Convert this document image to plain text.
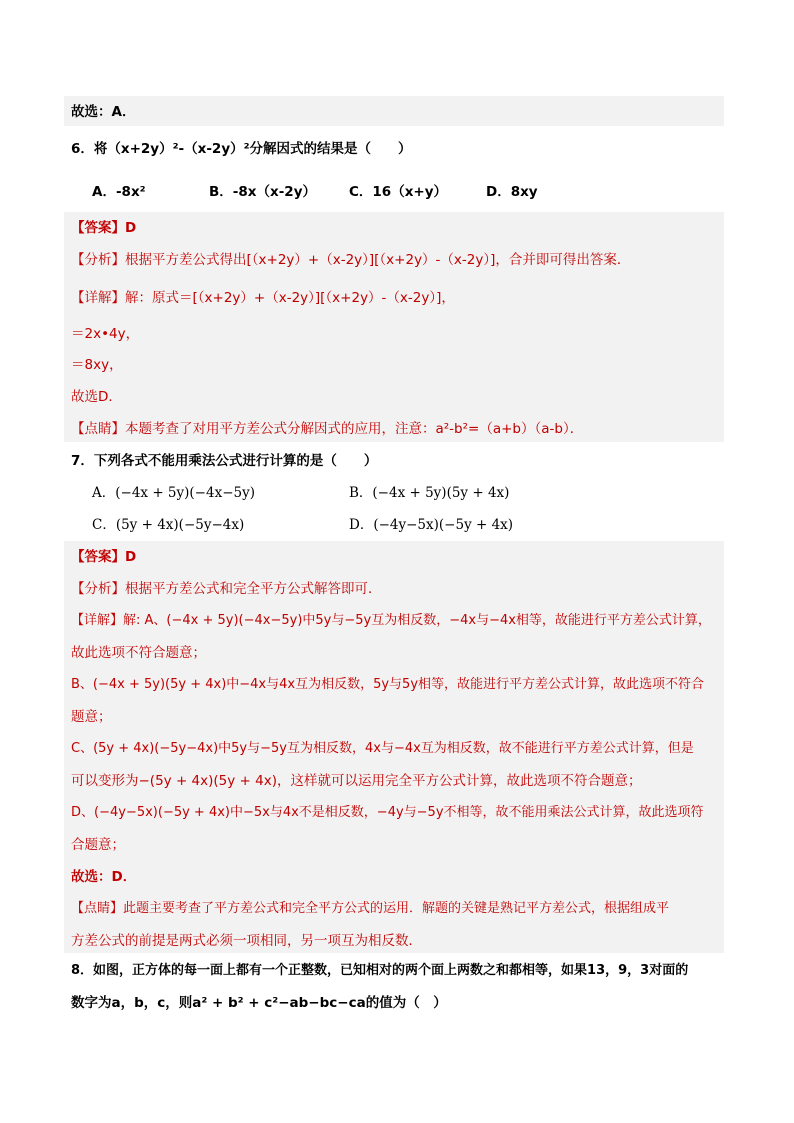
故选：A．
6．将（x+2y）²-（x-2y）²分解因式的结果是（　　）
A．-8x²	B．-8x（x-2y） C．16（x+y）	D．8xy
【答案】D
【分析】根据平方差公式得出[（x+2y）+（x-2y）][（x+2y）-（x-2y）]，合并即可得出答案．
【详解】解：原式＝[（x+2y）+（x-2y）][（x+2y）-（x-2y）]，
＝2x•4y，
＝8xy，
故选D．
【点睛】本题考查了对用平方差公式分解因式的应用，注意：a²-b²=（a+b）（a-b）．
7．下列各式不能用乘法公式进行计算的是（　　）
A．(−4x + 5y)(−4x−5y)	B．(−4x + 5y)(5y + 4x)
C．(5y + 4x)(−5y−4x)	D．(−4y−5x)(−5y + 4x)
【答案】D
【分析】根据平方差公式和完全平方公式解答即可．
【详解】解: A、(−4x + 5y)(−4x−5y)中5y与−5y互为相反数，−4x与−4x相等，故能进行平方差公式计算，
故此选项不符合题意；
B、(−4x + 5y)(5y + 4x)中−4x与4x互为相反数，5y与5y相等，故能进行平方差公式计算，故此选项不符合
题意；
C、(5y + 4x)(−5y−4x)中5y与−5y互为相反数，4x与−4x互为相反数，故不能进行平方差公式计算，但是
可以变形为−(5y + 4x)(5y + 4x)，这样就可以运用完全平方公式计算，故此选项不符合题意；
D、(−4y−5x)(−5y + 4x)中−5x与4x不是相反数，−4y与−5y不相等，故不能用乘法公式计算，故此选项符
合题意；
故选：D．
【点睛】此题主要考查了平方差公式和完全平方公式的运用．解题的关键是熟记平方差公式，根据组成平
方差公式的前提是两式必须一项相同，另一项互为相反数．
8．如图，正方体的每一面上都有一个正整数，已知相对的两个面上两数之和都相等，如果13，9，3对面的
数字为a，b，c，则a² + b² + c²−ab−bc−ca的值为（　）
